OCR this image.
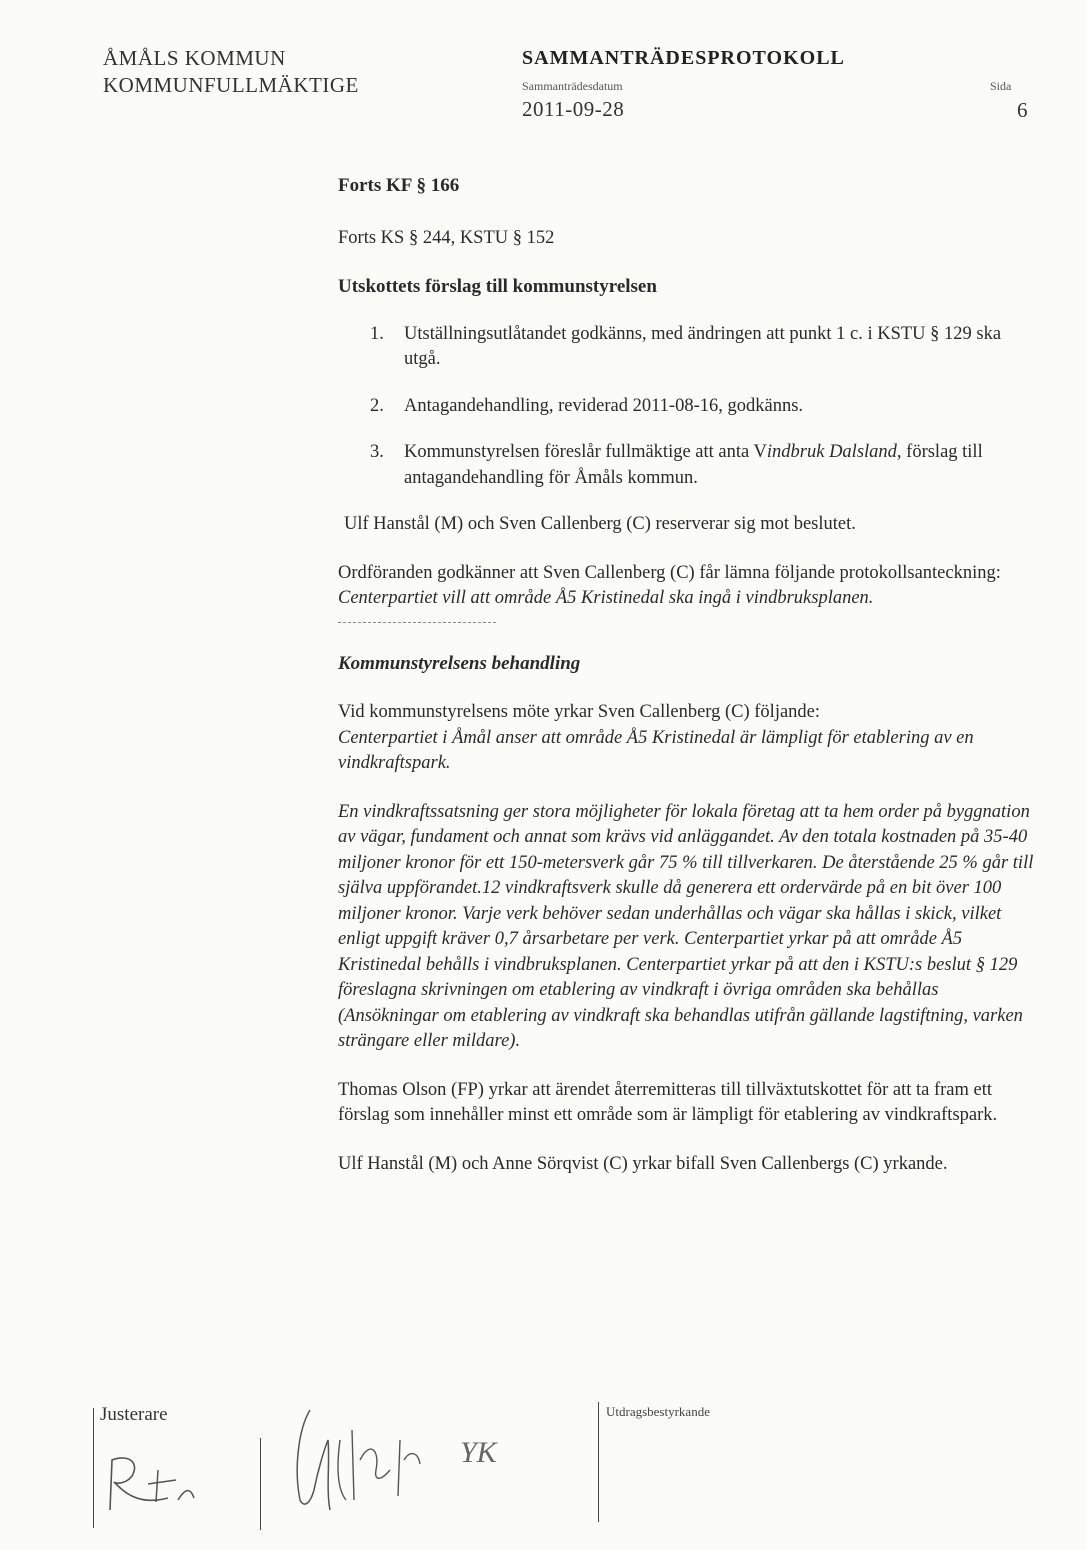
ÅMÅLS KOMMUN
KOMMUNFULLMÄKTIGE
SAMMANTRÄDESPROTOKOLL
Sammanträdesdatum
2011-09-28
Sida
6

Forts KF § 166

Forts KS § 244, KSTU § 152

Utskottets förslag till kommunstyrelsen

1. Utställningsutlåtandet godkänns, med ändringen att punkt 1 c. i KSTU § 129 ska utgå.
2. Antagandehandling, reviderad 2011-08-16, godkänns.
3. Kommunstyrelsen föreslår fullmäktige att anta Vindbruk Dalsland, förslag till antagandehandling för Åmåls kommun.

Ulf Hanstål (M) och Sven Callenberg (C) reserverar sig mot beslutet.

Ordföranden godkänner att Sven Callenberg (C) får lämna följande protokollsanteckning:

Centerpartiet vill att område Å5 Kristinedal ska ingå i vindbruksplanen.

Kommunstyrelsens behandling

Vid kommunstyrelsens möte yrkar Sven Callenberg (C) följande:

Centerpartiet i Åmål anser att område Å5 Kristinedal är lämpligt för etablering av en vindkraftspark.

En vindkraftssatsning ger stora möjligheter för lokala företag att ta hem order på byggnation av vägar, fundament och annat som krävs vid anläggandet. Av den totala kostnaden på 35-40 miljoner kronor för ett 150-metersverk går 75 % till tillverkaren. De återstående 25 % går till själva uppförandet.12 vindkraftsverk skulle då generera ett ordervärde på en bit över 100 miljoner kronor. Varje verk behöver sedan underhållas och vägar ska hållas i skick, vilket enligt uppgift kräver 0,7 årsarbetare per verk. Centerpartiet yrkar på att område Å5 Kristinedal behålls i vindbruksplanen. Centerpartiet yrkar på att den i KSTU:s beslut § 129 föreslagna skrivningen om etablering av vindkraft i övriga områden ska behållas (Ansökningar om etablering av vindkraft ska behandlas utifrån gällande lagstiftning, varken strängare eller mildare).

Thomas Olson (FP) yrkar att ärendet återremitteras till tillväxtutskottet för att ta fram ett förslag som innehåller minst ett område som är lämpligt för etablering av vindkraftspark.

Ulf Hanstål (M) och Anne Sörqvist (C) yrkar bifall Sven Callenbergs (C) yrkande.

Justerare	Utdragsbestyrkande
YK
